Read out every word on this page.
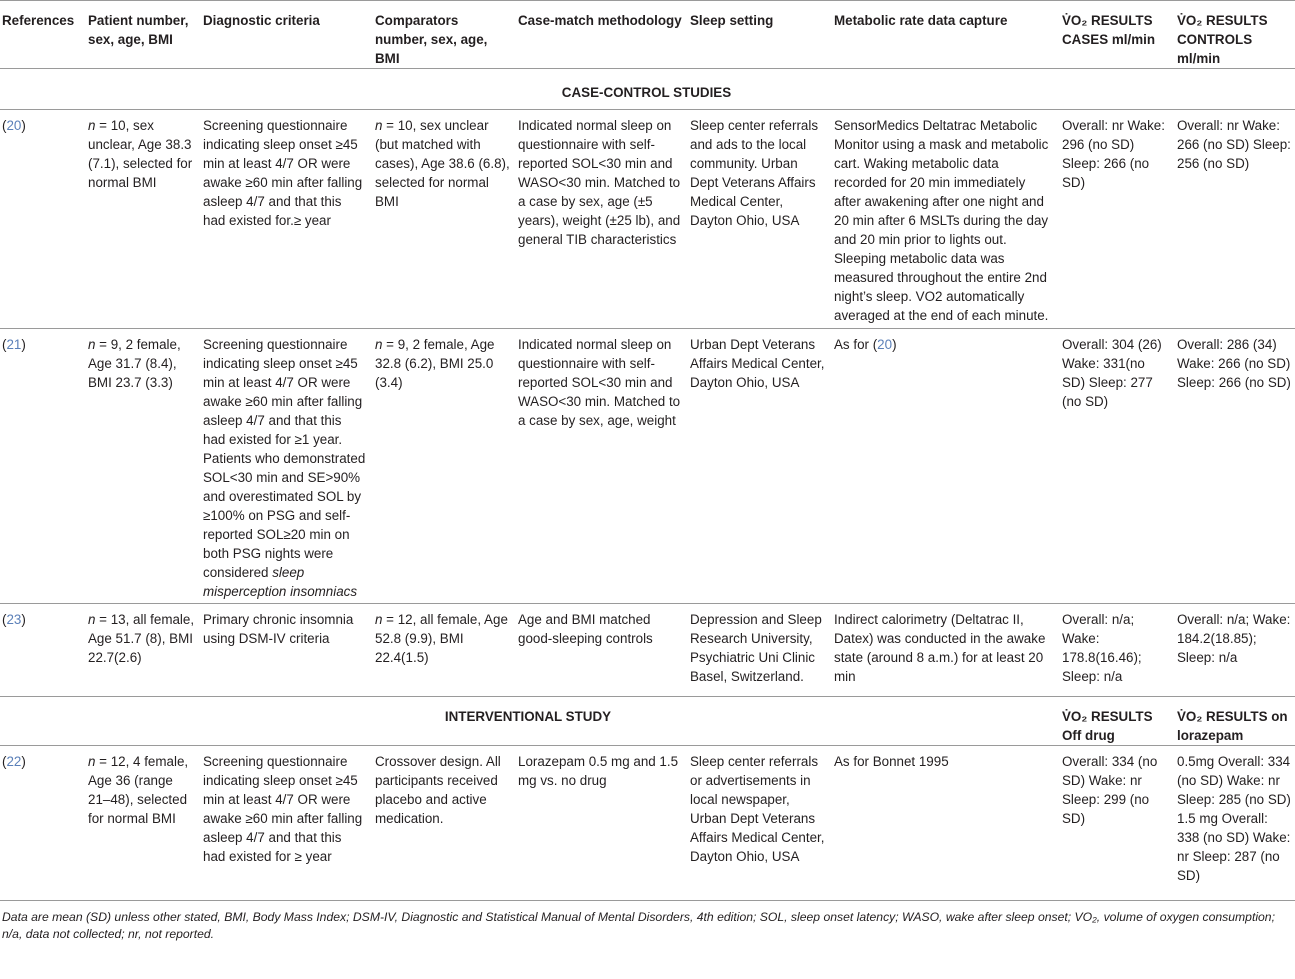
References	Patient number, sex, age, BMI	Diagnostic criteria	Comparators number, sex, age, BMI	Case-match methodology	Sleep setting	Metabolic rate data capture	V̇O₂ RESULTS CASES ml/min	V̇O₂ RESULTS CONTROLS ml/min
CASE-CONTROL STUDIES								
(20)	n = 10, sex unclear, Age 38.3 (7.1), selected for normal BMI	Screening questionnaire indicating sleep onset ≥45 min at least 4/7 OR were awake ≥60 min after falling asleep 4/7 and that this had existed for.≥ year	n = 10, sex unclear (but matched with cases), Age 38.6 (6.8), selected for normal BMI	Indicated normal sleep on questionnaire with self-reported SOL<30 min and WASO<30 min. Matched to a case by sex, age (±5 years), weight (±25 lb), and general TIB characteristics	Sleep center referrals and ads to the local community. Urban Dept Veterans Affairs Medical Center, Dayton Ohio, USA	SensorMedics Deltatrac Metabolic Monitor using a mask and metabolic cart. Waking metabolic data recorded for 20 min immediately after awakening after one night and 20 min after 6 MSLTs during the day and 20 min prior to lights out. Sleeping metabolic data was measured throughout the entire 2nd night’s sleep. VO2 automatically averaged at the end of each minute.	Overall: nr Wake: 296 (no SD) Sleep: 266 (no SD)	Overall: nr Wake: 266 (no SD) Sleep: 256 (no SD)
(21)	n = 9, 2 female, Age 31.7 (8.4), BMI 23.7 (3.3)	Screening questionnaire indicating sleep onset ≥45 min at least 4/7 OR were awake ≥60 min after falling asleep 4/7 and that this had existed for ≥1 year. Patients who demonstrated SOL<30 min and SE>90% and overestimated SOL by ≥100% on PSG and self-reported SOL≥20 min on both PSG nights were considered sleep misperception insomniacs	n = 9, 2 female, Age 32.8 (6.2), BMI 25.0 (3.4)	Indicated normal sleep on questionnaire with self-reported SOL<30 min and WASO<30 min. Matched to a case by sex, age, weight	Urban Dept Veterans Affairs Medical Center, Dayton Ohio, USA	As for (20)	Overall: 304 (26) Wake: 331(no SD) Sleep: 277 (no SD)	Overall: 286 (34) Wake: 266 (no SD) Sleep: 266 (no SD)
(23)	n = 13, all female, Age 51.7 (8), BMI 22.7(2.6)	Primary chronic insomnia using DSM-IV criteria	n = 12, all female, Age 52.8 (9.9), BMI 22.4(1.5)	Age and BMI matched good-sleeping controls	Depression and Sleep Research University, Psychiatric Uni Clinic Basel, Switzerland.	Indirect calorimetry (Deltatrac II, Datex) was conducted in the awake state (around 8 a.m.) for at least 20 min	Overall: n/a; Wake: 178.8(16.46); Sleep: n/a	Overall: n/a; Wake: 184.2(18.85); Sleep: n/a
INTERVENTIONAL STUDY							V̇O₂ RESULTS Off drug	V̇O₂ RESULTS on lorazepam
(22)	n = 12, 4 female, Age 36 (range 21–48), selected for normal BMI	Screening questionnaire indicating sleep onset ≥45 min at least 4/7 OR were awake ≥60 min after falling asleep 4/7 and that this had existed for ≥ year	Crossover design. All participants received placebo and active medication.	Lorazepam 0.5 mg and 1.5 mg vs. no drug	Sleep center referrals or advertisements in local newspaper, Urban Dept Veterans Affairs Medical Center, Dayton Ohio, USA	As for Bonnet 1995	Overall: 334 (no SD) Wake: nr Sleep: 299 (no SD)	0.5mg Overall: 334 (no SD) Wake: nr Sleep: 285 (no SD) 1.5 mg Overall: 338 (no SD) Wake: nr Sleep: 287 (no SD)
Data are mean (SD) unless other stated, BMI, Body Mass Index; DSM-IV, Diagnostic and Statistical Manual of Mental Disorders, 4th edition; SOL, sleep onset latency; WASO, wake after sleep onset; VO₂, volume of oxygen consumption; n/a, data not collected; nr, not reported.
